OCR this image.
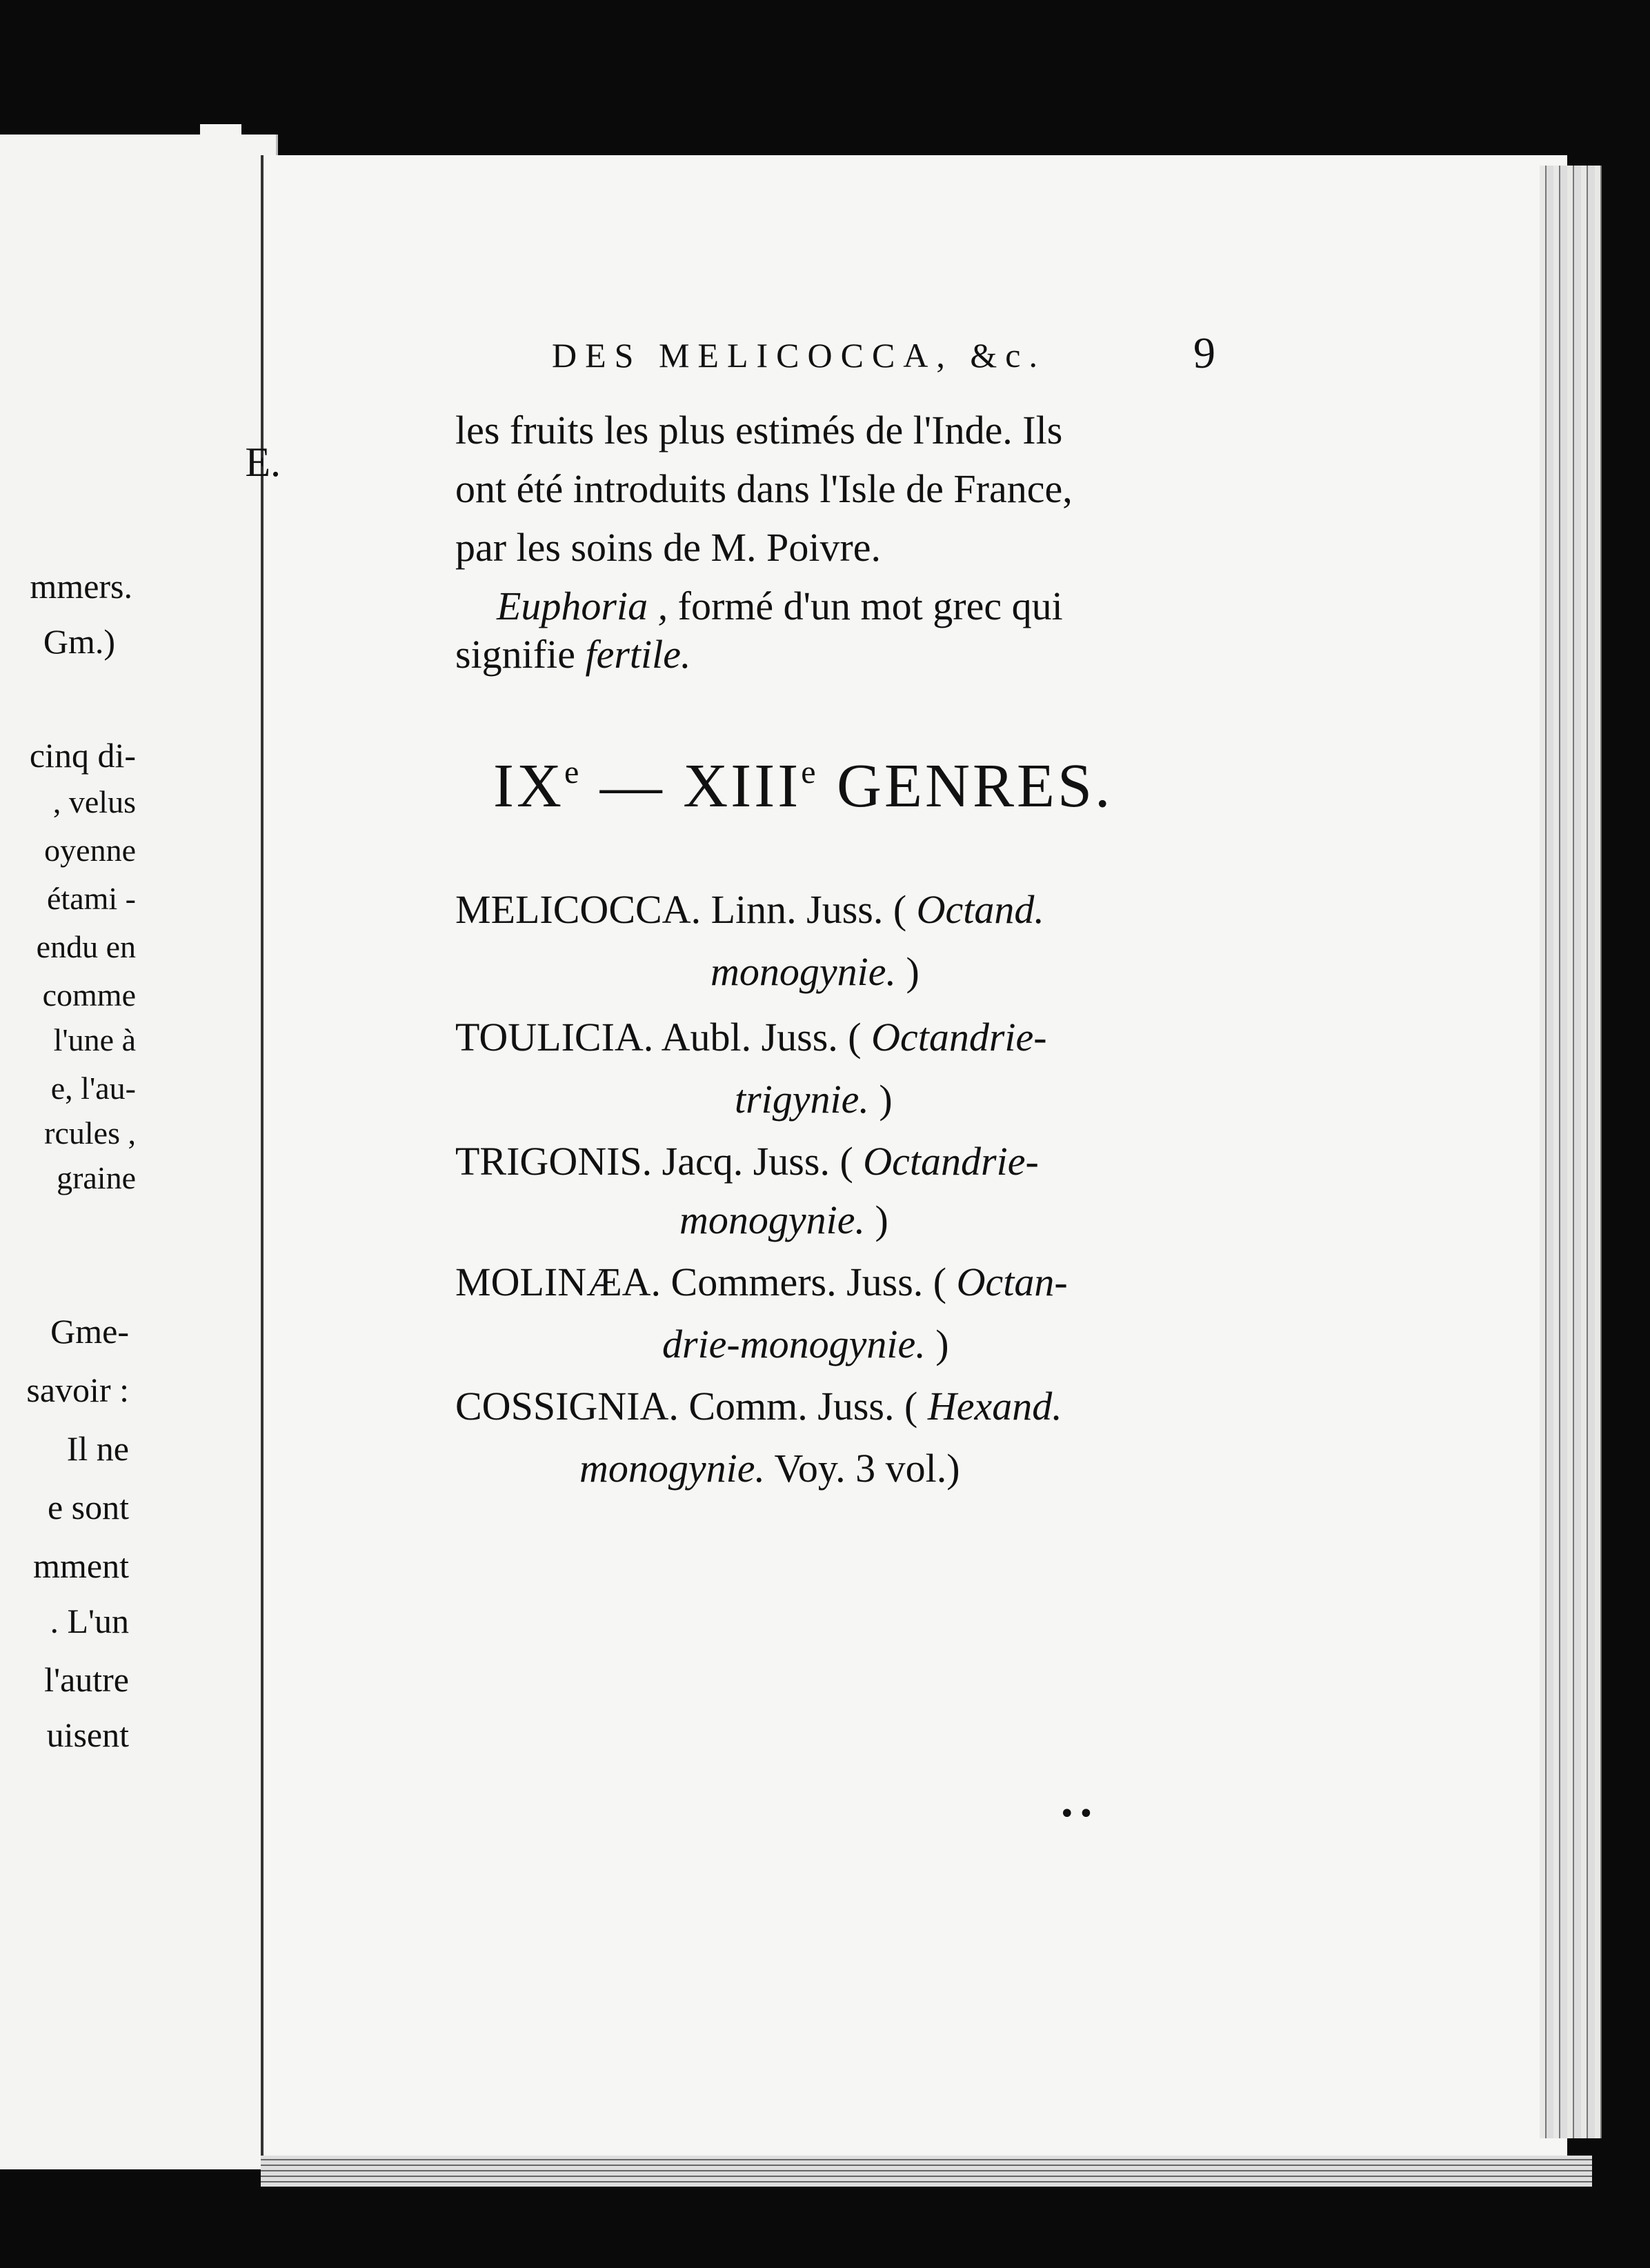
E.
mmers.
Gm.)
cinq di-
, velus
oyenne
étami -
endu en
comme
l'une à
e, l'au-
rcules ,
graine
Gme-
savoir :
Il ne
e sont
mment
. L'un
l'autre
uisent
DES MELICOCCA, &c.	9
les fruits les plus estimés de l'Inde. Ils
ont été introduits dans l'Isle de France,
par les soins de M. Poivre.
Euphoria , formé d'un mot grec qui
signifie fertile.
IXe — XIIIe GENRES.
MELICOCCA. Linn. Juss. ( Octand.
monogynie. )
TOULICIA. Aubl. Juss. ( Octandrie-
trigynie. )
TRIGONIS. Jacq. Juss. ( Octandrie-
monogynie. )
MOLINÆA. Commers. Juss. ( Octan-
drie-monogynie. )
COSSIGNIA. Comm. Juss. ( Hexand.
monogynie. Voy. 3 vol.)
••
